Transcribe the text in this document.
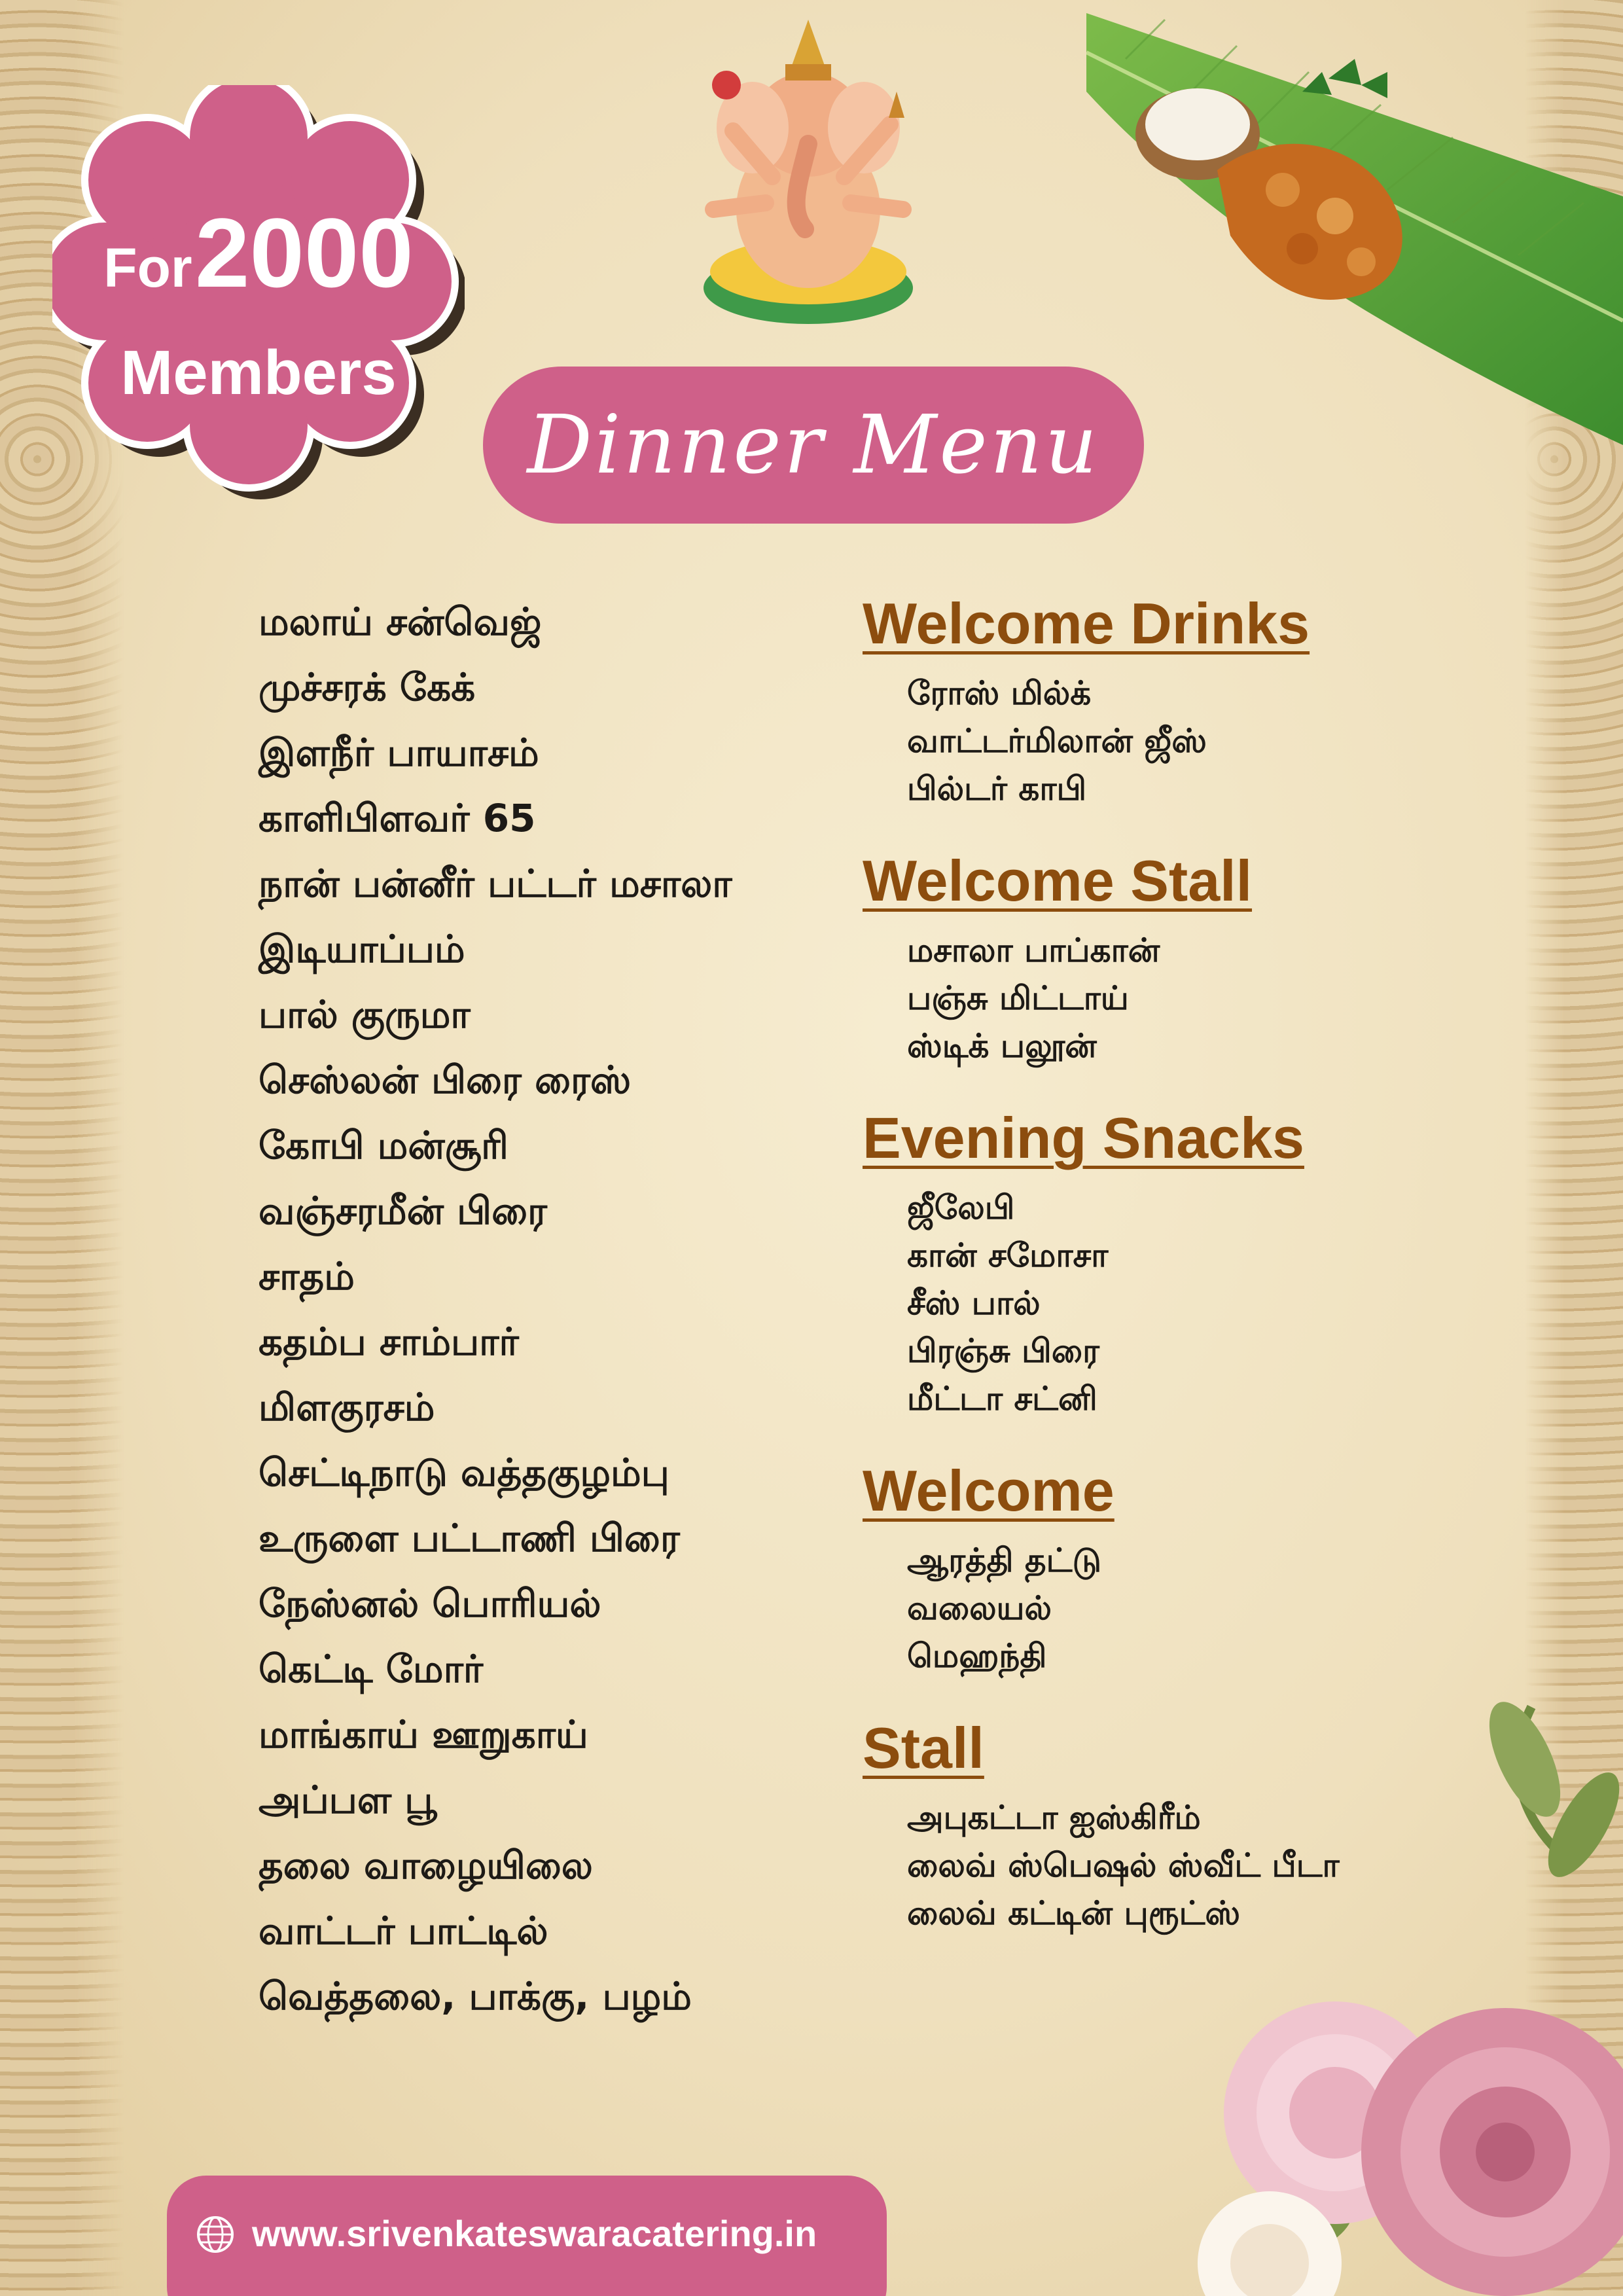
For 2000
Members
Dinner Menu
மலாய் சன்வெஜ்
முச்சரக் கேக்
இளநீர் பாயாசம்
காளிபிளவர் 65
நான் பன்னீர் பட்டர் மசாலா
இடியாப்பம்
பால் குருமா
செஸ்லன் பிரை ரைஸ்
கோபி மன்சூரி
வஞ்சரமீன் பிரை
சாதம்
கதம்ப சாம்பார்
மிளகுரசம்
செட்டிநாடு வத்தகுழம்பு
உருளை பட்டாணி பிரை
நேஸ்னல் பொரியல்
கெட்டி மோர்
மாங்காய் ஊறுகாய்
அப்பள பூ
தலை வாழையிலை
வாட்டர் பாட்டில்
வெத்தலை, பாக்கு, பழம்
Welcome Drinks
ரோஸ் மில்க்
வாட்டர்மிலான் ஜீஸ்
பில்டர் காபி
Welcome Stall
மசாலா பாப்கான்
பஞ்சு மிட்டாய்
ஸ்டிக் பலூன்
Evening Snacks
ஜீலேபி
கான் சமோசா
சீஸ் பால்
பிரஞ்சு பிரை
மீட்டா சட்னி
Welcome
ஆரத்தி தட்டு
வலையல்
மெஹந்தி
Stall
அபுகட்டா ஐஸ்கிரீம்
லைவ் ஸ்பெஷல் ஸ்வீட் பீடா
லைவ் கட்டின் புரூட்ஸ்
www.srivenkateswaracatering.in
